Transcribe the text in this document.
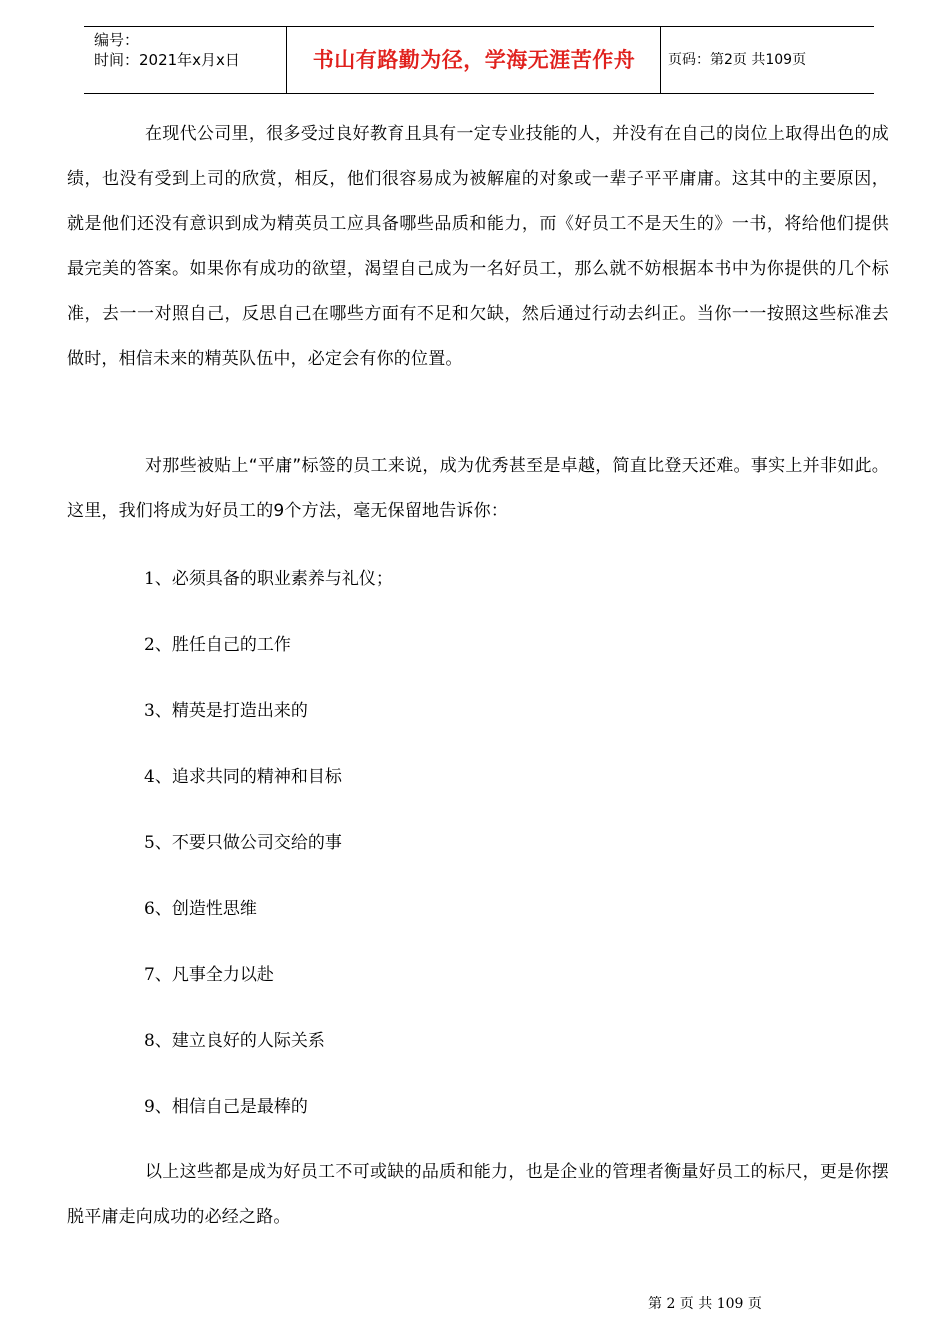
编号：
时间：2021年x月x日	书山有路勤为径，学海无涯苦作舟	页码：第2页 共109页

在现代公司里，很多受过良好教育且具有一定专业技能的人，并没有在自己的岗位上取得出色的成绩，也没有受到上司的欣赏，相反，他们很容易成为被解雇的对象或一辈子平平庸庸。这其中的主要原因，就是他们还没有意识到成为精英员工应具备哪些品质和能力，而《好员工不是天生的》一书，将给他们提供最完美的答案。如果你有成功的欲望，渴望自己成为一名好员工，那么就不妨根据本书中为你提供的几个标准，去一一对照自己，反思自己在哪些方面有不足和欠缺，然后通过行动去纠正。当你一一按照这些标准去做时，相信未来的精英队伍中，必定会有你的位置。

对那些被贴上“平庸”标签的员工来说，成为优秀甚至是卓越，简直比登天还难。事实上并非如此。这里，我们将成为好员工的9个方法，毫无保留地告诉你：

1、必须具备的职业素养与礼仪；

2、胜任自己的工作

3、精英是打造出来的

4、追求共同的精神和目标

5、不要只做公司交给的事

6、创造性思维

7、凡事全力以赴

8、建立良好的人际关系

9、相信自己是最棒的

以上这些都是成为好员工不可或缺的品质和能力，也是企业的管理者衡量好员工的标尺，更是你摆脱平庸走向成功的必经之路。

第 2 页 共 109 页
